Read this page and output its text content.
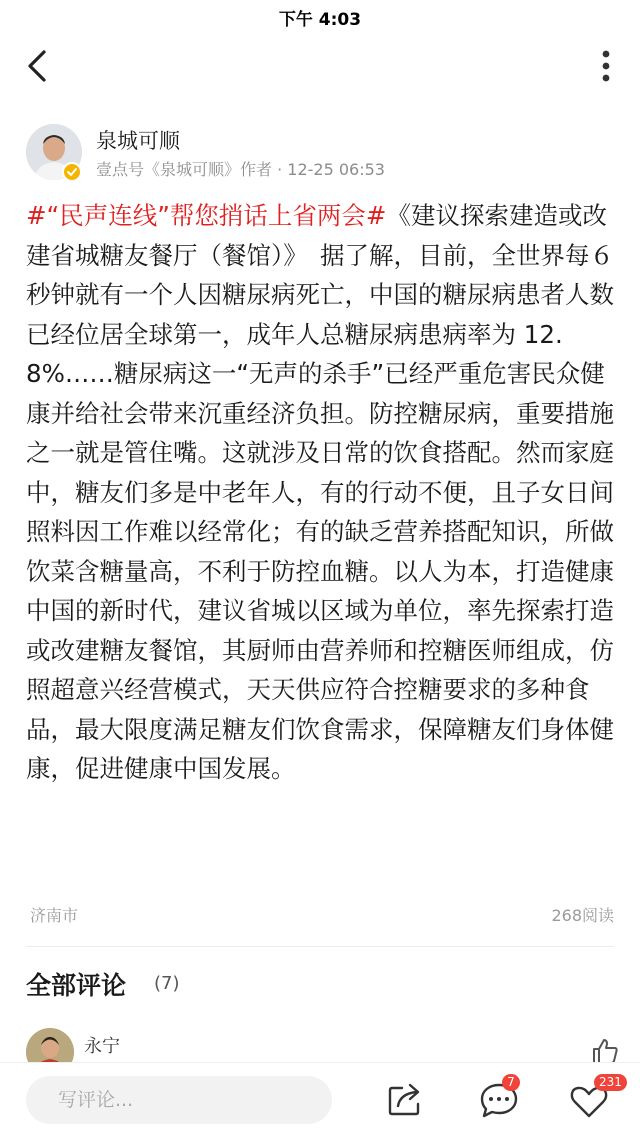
下午 4:03
泉城可顺
壹点号《泉城可顺》作者 · 12-25 06:53
#“民声连线”帮您捎话上省两会#《建议探索建造或改建省城糖友餐厅（餐馆）》　据了解，目前，全世界每６秒钟就有一个人因糖尿病死亡，中国的糖尿病患者人数已经位居全球第一，成年人总糖尿病患病率为 12.8%……糖尿病这一“无声的杀手”已经严重危害民众健康并给社会带来沉重经济负担。防控糖尿病，重要措施之一就是管住嘴。这就涉及日常的饮食搭配。然而家庭中，糖友们多是中老年人，有的行动不便，且子女日间照料因工作难以经常化；有的缺乏营养搭配知识，所做饮菜含糖量高，不利于防控血糖。以人为本，打造健康中国的新时代，建议省城以区域为单位，率先探索打造或改建糖友餐馆，其厨师由营养师和控糖医师组成，仿照超意兴经营模式，天天供应符合控糖要求的多种食品，最大限度满足糖友们饮食需求，保障糖友们身体健康，促进健康中国发展。
济南市	268阅读
全部评论 (7)
永宁
写评论...
7	231
